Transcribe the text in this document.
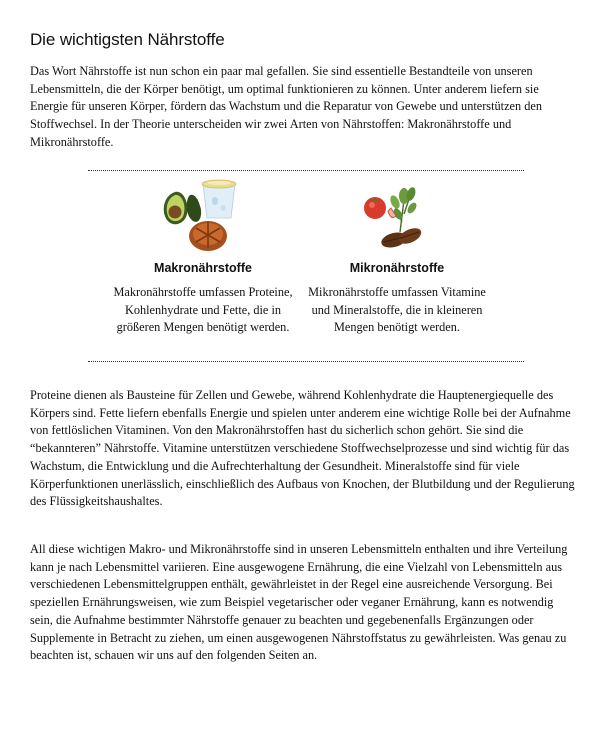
Die wichtigsten Nährstoffe

Das Wort Nährstoffe ist nun schon ein paar mal gefallen. Sie sind essentielle Bestandteile von unseren Lebensmitteln, die der Körper benötigt, um optimal funktionieren zu können. Unter anderem liefern sie Energie für unseren Körper, fördern das Wachstum und die Reparatur von Gewebe und unterstützen den Stoffwechsel. In der Theorie unterscheiden wir zwei Arten von Nährstoffen: Makronährstoffe und Mikronährstoffe.

Makronährstoffe
Makronährstoffe umfassen Proteine, Kohlenhydrate und Fette, die in größeren Mengen benötigt werden.
Mikronährstoffe
Mikronährstoffe umfassen Vitamine und Mineralstoffe, die in kleineren Mengen benötigt werden.

Proteine dienen als Bausteine für Zellen und Gewebe, während Kohlenhydrate die Hauptenergiequelle des Körpers sind. Fette liefern ebenfalls Energie und spielen unter anderem eine wichtige Rolle bei der Aufnahme von fettlöslichen Vitaminen. Von den Makronährstoffen hast du sicherlich schon gehört. Sie sind die “bekannteren” Nährstoffe. Vitamine unterstützen verschiedene Stoffwechselprozesse und sind wichtig für das Wachstum, die Entwicklung und die Aufrechterhaltung der Gesundheit. Mineralstoffe sind für viele Körperfunktionen unerlässlich, einschließlich des Aufbaus von Knochen, der Blutbildung und der Regulierung des Flüssigkeitshaushaltes.

All diese wichtigen Makro- und Mikronährstoffe sind in unseren Lebensmitteln enthalten und ihre Verteilung kann je nach Lebensmittel variieren. Eine ausgewogene Ernährung, die eine Vielzahl von Lebensmitteln aus verschiedenen Lebensmittelgruppen enthält, gewährleistet in der Regel eine ausreichende Versorgung. Bei speziellen Ernährungsweisen, wie zum Beispiel vegetarischer oder veganer Ernährung, kann es notwendig sein, die Aufnahme bestimmter Nährstoffe genauer zu beachten und gegebenenfalls Ergänzungen oder Supplemente in Betracht zu ziehen, um einen ausgewogenen Nährstoffstatus zu gewährleisten. Was genau zu beachten ist, schauen wir uns auf den folgenden Seiten an.
